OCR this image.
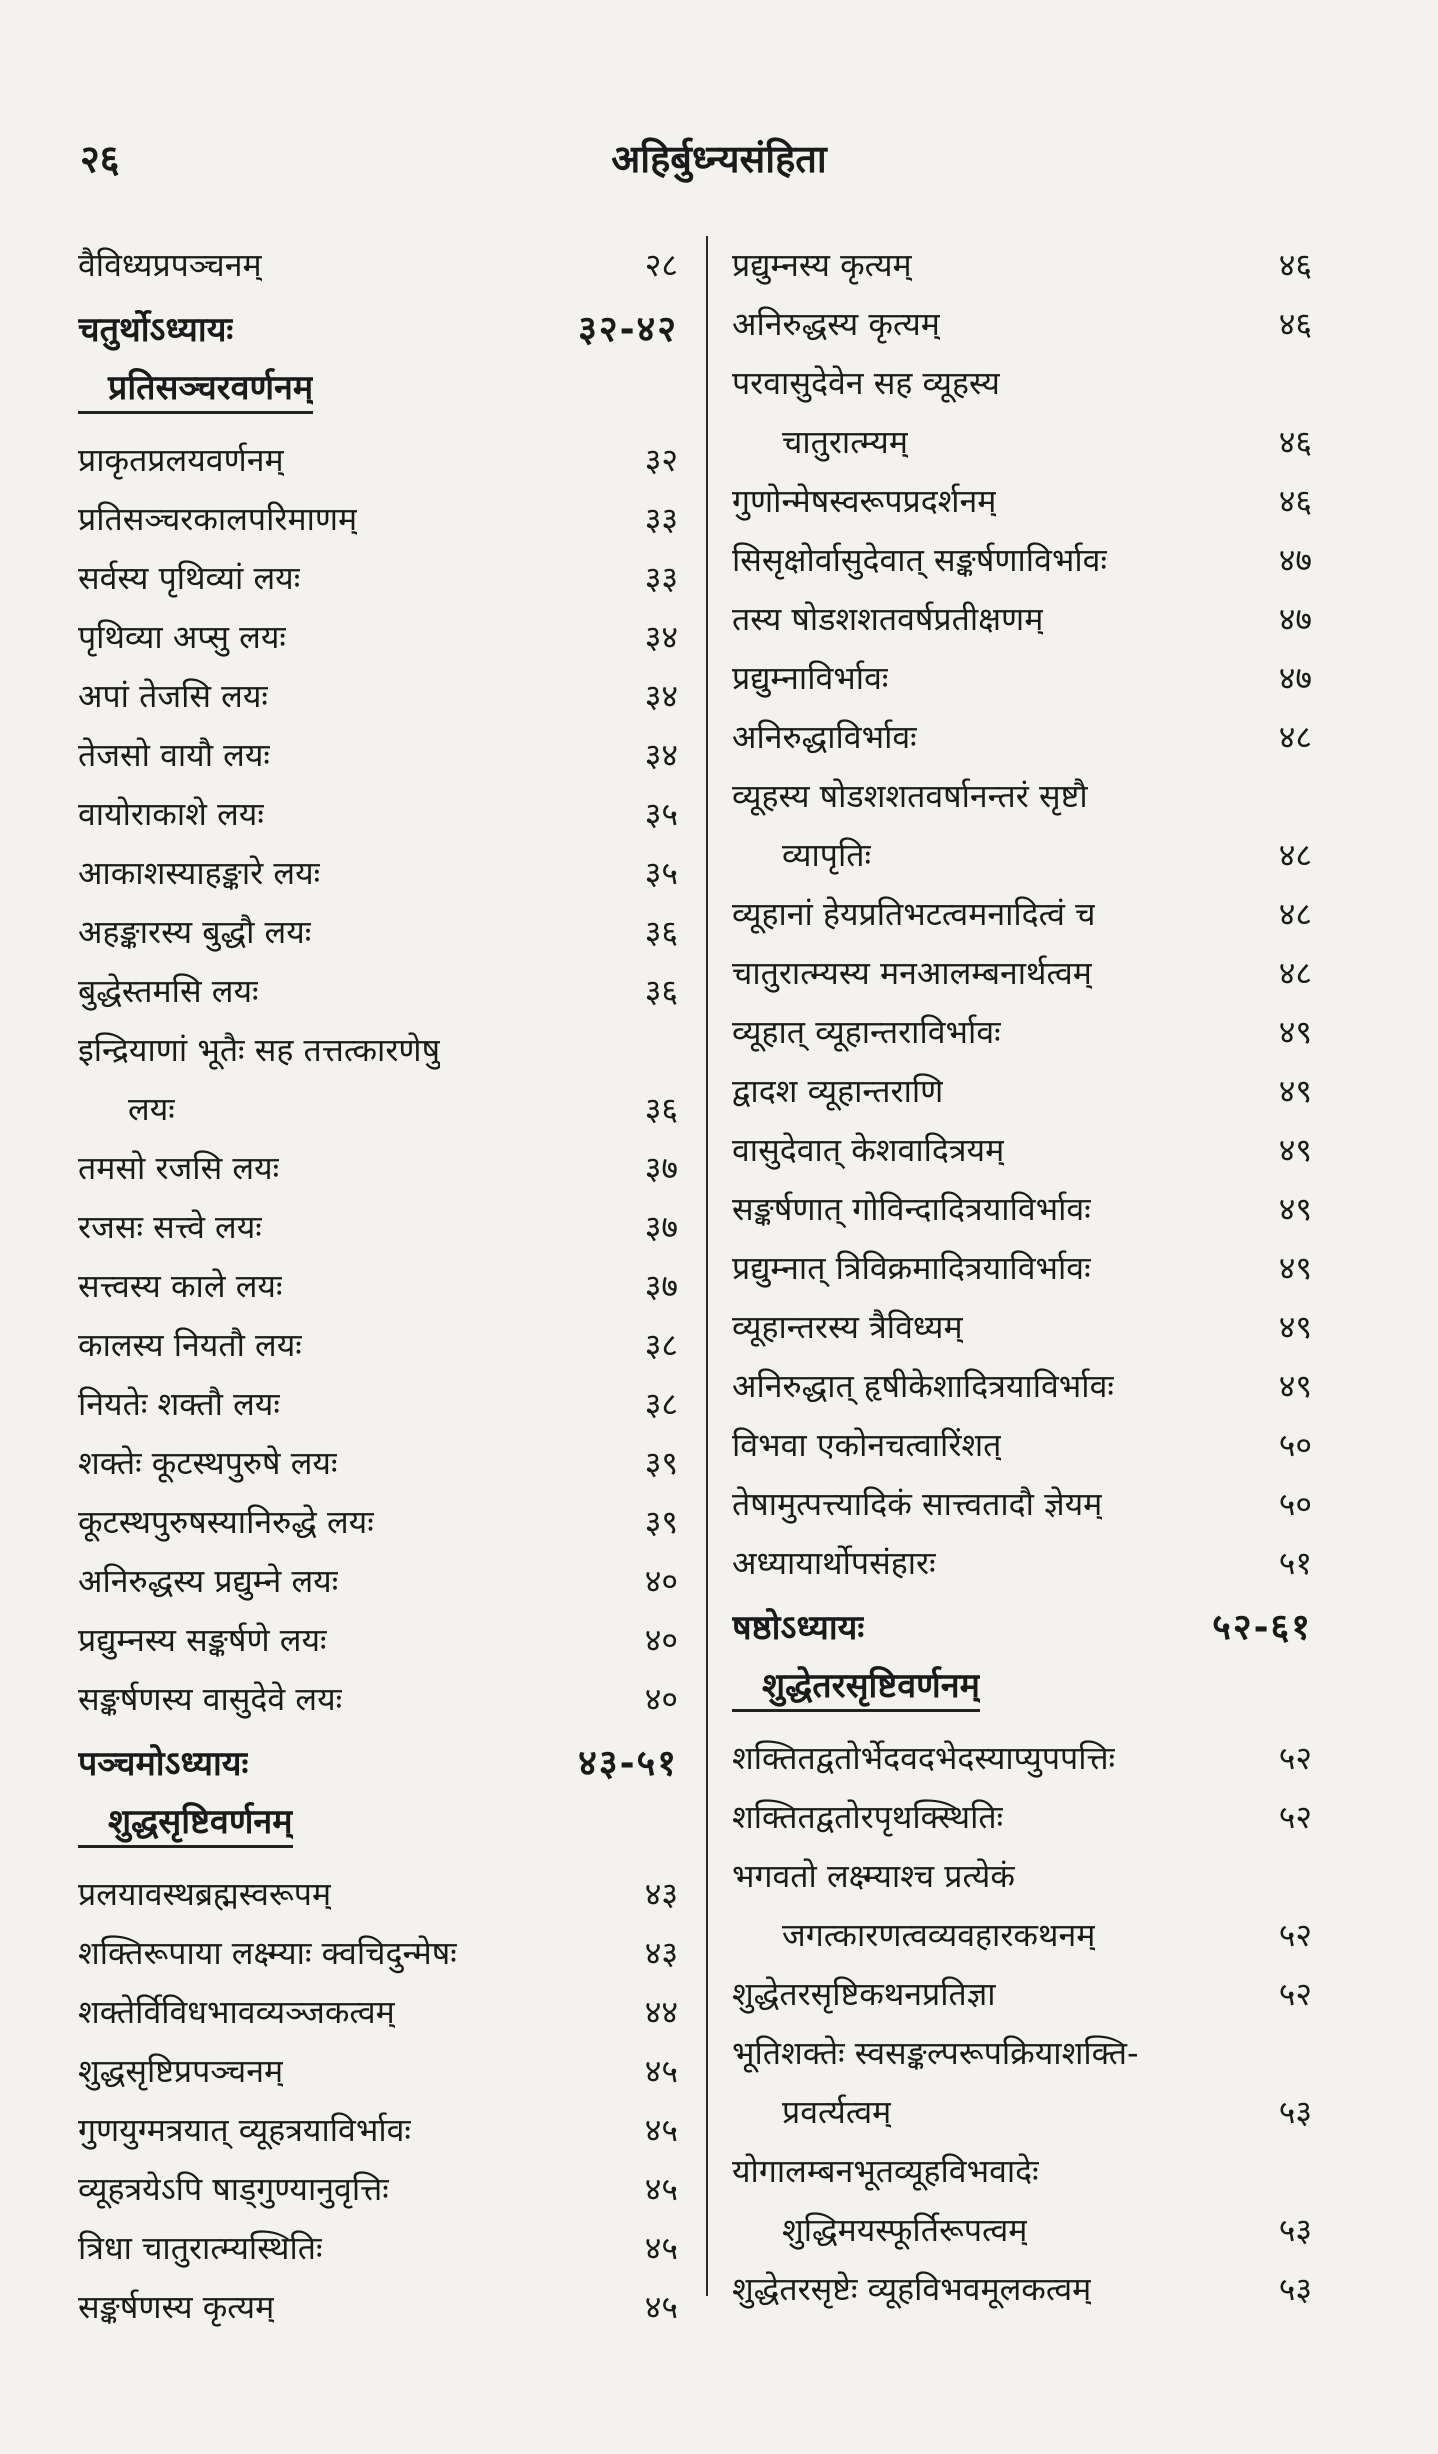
२६	अहिर्बुध्न्यसंहिता
वैविध्यप्रपञ्चनम्	२८
चतुर्थोऽध्यायः	३२-४२
प्रतिसञ्चरवर्णनम्
प्राकृतप्रलयवर्णनम्	३२
प्रतिसञ्चरकालपरिमाणम्	३३
सर्वस्य पृथिव्यां लयः	३३
पृथिव्या अप्सु लयः	३४
अपां तेजसि लयः	३४
तेजसो वायौ लयः	३४
वायोराकाशे लयः	३५
आकाशस्याहङ्कारे लयः	३५
अहङ्कारस्य बुद्धौ लयः	३६
बुद्धेस्तमसि लयः	३६
इन्द्रियाणां भूतैः सह तत्तत्कारणेषु
लयः	३६
तमसो रजसि लयः	३७
रजसः सत्त्वे लयः	३७
सत्त्वस्य काले लयः	३७
कालस्य नियतौ लयः	३८
नियतेः शक्तौ लयः	३८
शक्तेः कूटस्थपुरुषे लयः	३९
कूटस्थपुरुषस्यानिरुद्धे लयः	३९
अनिरुद्धस्य प्रद्युम्ने लयः	४०
प्रद्युम्नस्य सङ्कर्षणे लयः	४०
सङ्कर्षणस्य वासुदेवे लयः	४०
पञ्चमोऽध्यायः	४३-५१
शुद्धसृष्टिवर्णनम्
प्रलयावस्थब्रह्मस्वरूपम्	४३
शक्तिरूपाया लक्ष्म्याः क्वचिदुन्मेषः	४३
शक्तेर्विविधभावव्यञ्जकत्वम्	४४
शुद्धसृष्टिप्रपञ्चनम्	४५
गुणयुग्मत्रयात् व्यूहत्रयाविर्भावः	४५
व्यूहत्रयेऽपि षाड्गुण्यानुवृत्तिः	४५
त्रिधा चातुरात्म्यस्थितिः	४५
सङ्कर्षणस्य कृत्यम्	४५
प्रद्युम्नस्य कृत्यम्	४६
अनिरुद्धस्य कृत्यम्	४६
परवासुदेवेन सह व्यूहस्य
चातुरात्म्यम्	४६
गुणोन्मेषस्वरूपप्रदर्शनम्	४६
सिसृक्षोर्वासुदेवात् सङ्कर्षणाविर्भावः	४७
तस्य षोडशशतवर्षप्रतीक्षणम्	४७
प्रद्युम्नाविर्भावः	४७
अनिरुद्धाविर्भावः	४८
व्यूहस्य षोडशशतवर्षानन्तरं सृष्टौ
व्यापृतिः	४८
व्यूहानां हेयप्रतिभटत्वमनादित्वं च	४८
चातुरात्म्यस्य मनआलम्बनार्थत्वम्	४८
व्यूहात् व्यूहान्तराविर्भावः	४९
द्वादश व्यूहान्तराणि	४९
वासुदेवात् केशवादित्रयम्	४९
सङ्कर्षणात् गोविन्दादित्रयाविर्भावः	४९
प्रद्युम्नात् त्रिविक्रमादित्रयाविर्भावः	४९
व्यूहान्तरस्य त्रैविध्यम्	४९
अनिरुद्धात् हृषीकेशादित्रयाविर्भावः	४९
विभवा एकोनचत्वारिंशत्	५०
तेषामुत्पत्त्यादिकं सात्त्वतादौ ज्ञेयम्	५०
अध्यायार्थोपसंहारः	५१
षष्ठोऽध्यायः	५२-६१
शुद्धेतरसृष्टिवर्णनम्
शक्तितद्वतोर्भेदवदभेदस्याप्युपपत्तिः	५२
शक्तितद्वतोरपृथक्स्थितिः	५२
भगवतो लक्ष्म्याश्च प्रत्येकं
जगत्कारणत्वव्यवहारकथनम्	५२
शुद्धेतरसृष्टिकथनप्रतिज्ञा	५२
भूतिशक्तेः स्वसङ्कल्परूपक्रियाशक्ति-
प्रवर्त्यत्वम्	५३
योगालम्बनभूतव्यूहविभवादेः
शुद्धिमयस्फूर्तिरूपत्वम्	५३
शुद्धेतरसृष्टेः व्यूहविभवमूलकत्वम्	५३
